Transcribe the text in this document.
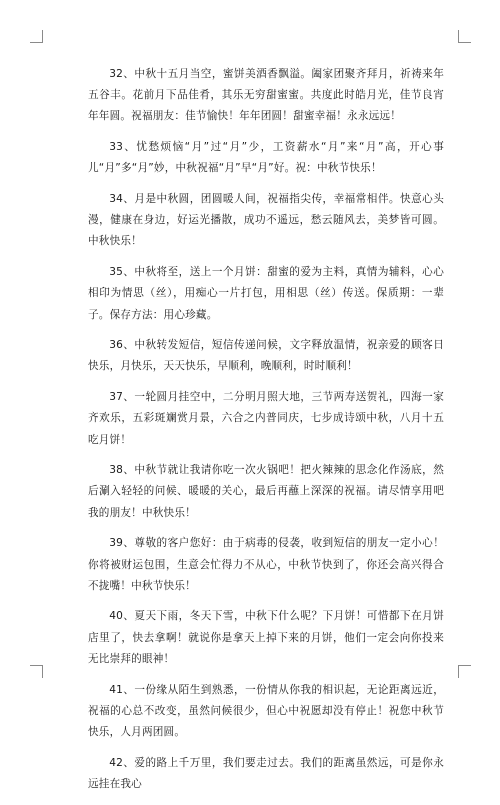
32、中秋十五月当空，蜜饼美酒香飘溢。阖家团聚齐拜月，祈祷来年五谷丰。花前月下品佳肴，其乐无穷甜蜜蜜。共度此时皓月光，佳节良宵年年圆。祝福朋友：佳节愉快！年年团圆！甜蜜幸福！永永远远！

33、忧愁烦恼“月”过“月”少，工资薪水“月”来“月”高，开心事儿“月”多“月”妙，中秋祝福“月”早“月”好。祝：中秋节快乐！

34、月是中秋圆，团圆暖人间，祝福指尖传，幸福常相伴。快意心头漫，健康在身边，好运光播散，成功不遥远，愁云随风去，美梦皆可圆。中秋快乐！

35、中秋将至，送上一个月饼：甜蜜的爱为主料，真情为辅料，心心相印为情思（丝），用痴心一片打包，用相思（丝）传送。保质期：一辈子。保存方法：用心珍藏。

36、中秋转发短信，短信传递问候，文字释放温情，祝亲爱的顾客日快乐，月快乐，天天快乐，早顺利，晚顺利，时时顺利！

37、一轮圆月挂空中，二分明月照大地，三节两寿送贺礼，四海一家齐欢乐，五彩斑斓赏月景，六合之内普同庆，七步成诗颂中秋，八月十五吃月饼！

38、中秋节就让我请你吃一次火锅吧！把火辣辣的思念化作汤底，然后涮入轻轻的问候、暖暖的关心，最后再蘸上深深的祝福。请尽情享用吧我的朋友！中秋快乐！

39、尊敬的客户您好：由于病毒的侵袭，收到短信的朋友一定小心！你将被财运包围，生意会忙得力不从心，中秋节快到了，你还会高兴得合不拢嘴！中秋节快乐！

40、夏天下雨，冬天下雪，中秋下什么呢？下月饼！可惜都下在月饼店里了，快去拿啊！就说你是拿天上掉下来的月饼，他们一定会向你投来无比崇拜的眼神！

41、一份缘从陌生到熟悉，一份情从你我的相识起，无论距离远近，祝福的心总不改变，虽然问候很少，但心中祝愿却没有停止！祝您中秋节快乐，人月两团圆。

42、爱的路上千万里，我们要走过去。我们的距离虽然远，可是你永远挂在我心
